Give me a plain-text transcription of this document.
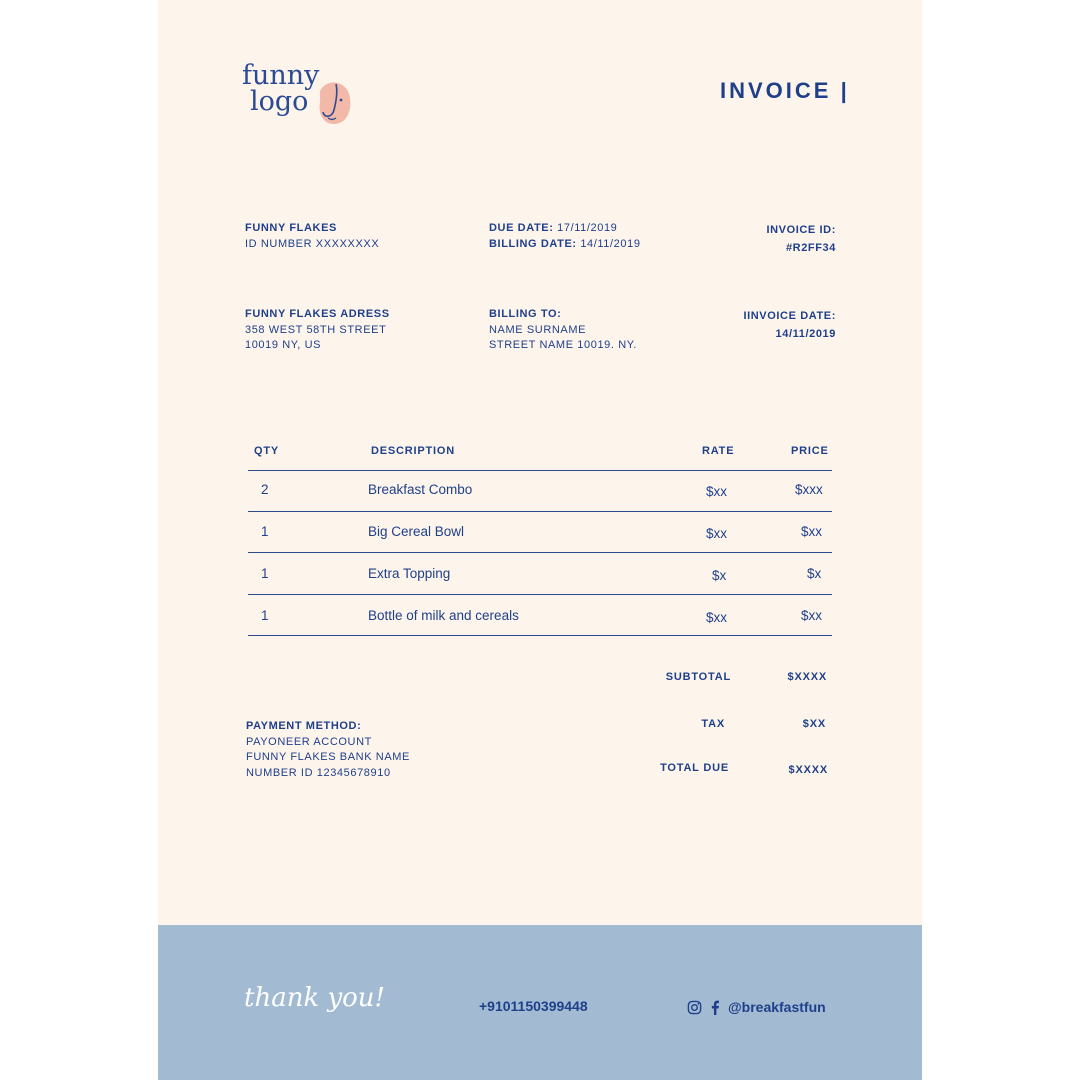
funny
logo	INVOICE |
FUNNY FLAKES
ID NUMBER XXXXXXXX
DUE DATE: 17/11/2019
BILLING DATE: 14/11/2019
INVOICE ID:
#R2FF34
FUNNY FLAKES ADRESS
358 WEST 58TH STREET
10019 NY, US
BILLING TO:
NAME SURNAME
STREET NAME 10019. NY.
IINVOICE DATE:
14/11/2019
QTY	DESCRIPTION	RATE	PRICE
2	Breakfast Combo	$xx	$xxx
1	Big Cereal Bowl	$xx	$xx
1	Extra Topping	$x	$x
1	Bottle of milk and cereals	$xx	$xx
SUBTOTAL	$XXXX
TAX	$XX
TOTAL DUE	$XXXX
PAYMENT METHOD:
PAYONEER ACCOUNT
FUNNY FLAKES BANK NAME
NUMBER ID 12345678910
thank you!	+9101150399448	@breakfastfun
